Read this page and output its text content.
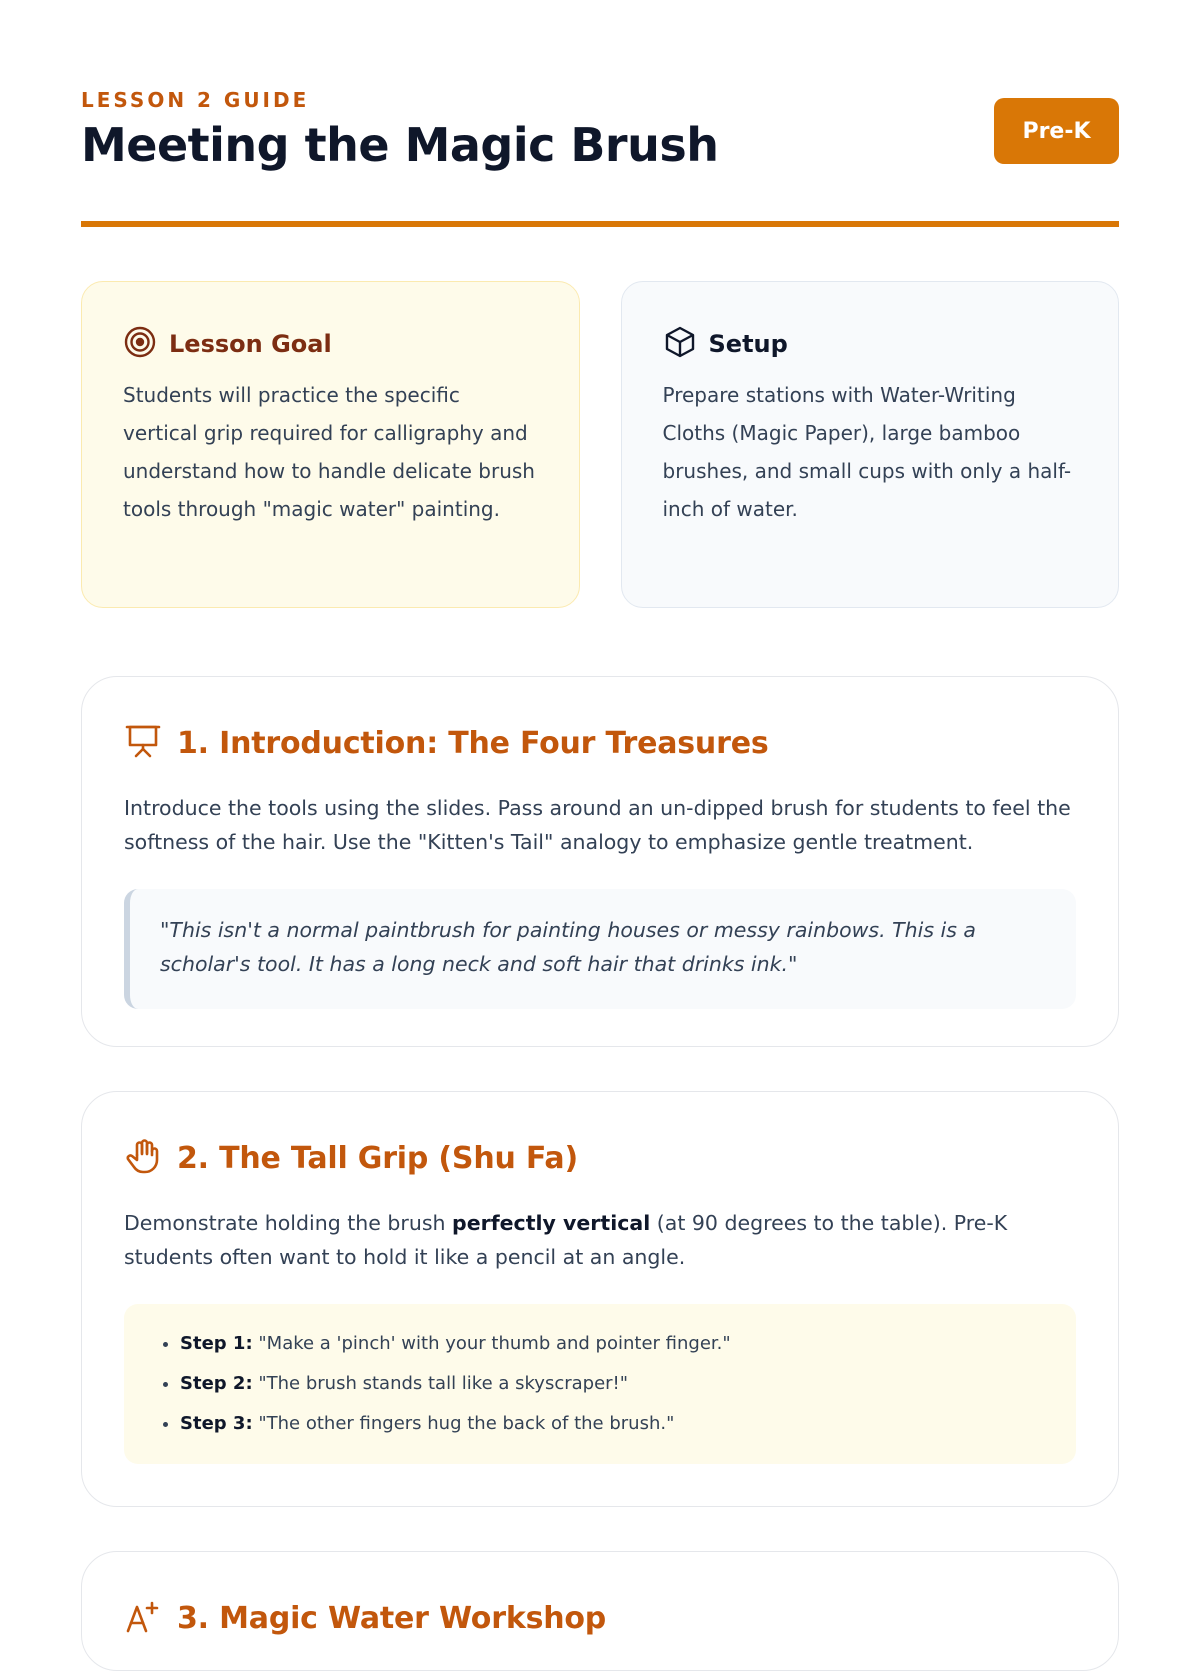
LESSON 2 GUIDE
Meeting the Magic Brush	Pre-K
Lesson Goal
Students will practice the specific vertical grip required for calligraphy and understand how to handle delicate brush tools through "magic water" painting.
Setup
Prepare stations with Water-Writing Cloths (Magic Paper), large bamboo brushes, and small cups with only a half-inch of water.
1. Introduction: The Four Treasures
Introduce the tools using the slides. Pass around an un-dipped brush for students to feel the softness of the hair. Use the "Kitten's Tail" analogy to emphasize gentle treatment.
"This isn't a normal paintbrush for painting houses or messy rainbows. This is a scholar's tool. It has a long neck and soft hair that drinks ink."
2. The Tall Grip (Shu Fa)
Demonstrate holding the brush perfectly vertical (at 90 degrees to the table). Pre-K students often want to hold it like a pencil at an angle.
• Step 1: "Make a 'pinch' with your thumb and pointer finger."
• Step 2: "The brush stands tall like a skyscraper!"
• Step 3: "The other fingers hug the back of the brush."
3. Magic Water Workshop
